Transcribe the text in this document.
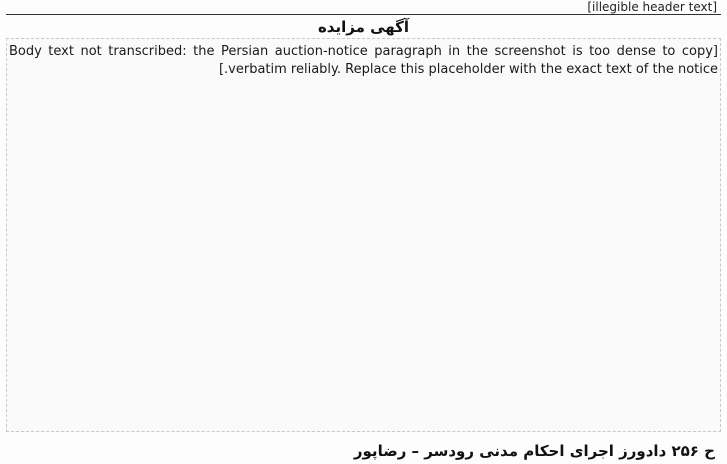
[illegible header text]
آگهی مزایده

[Body text not transcribed: the Persian auction-notice paragraph in the screenshot is too dense to copy verbatim reliably. Replace this placeholder with the exact text of the notice.]

ح ۲۵۶ دادورز اجرای احکام مدنی رودسر – رضاپور
